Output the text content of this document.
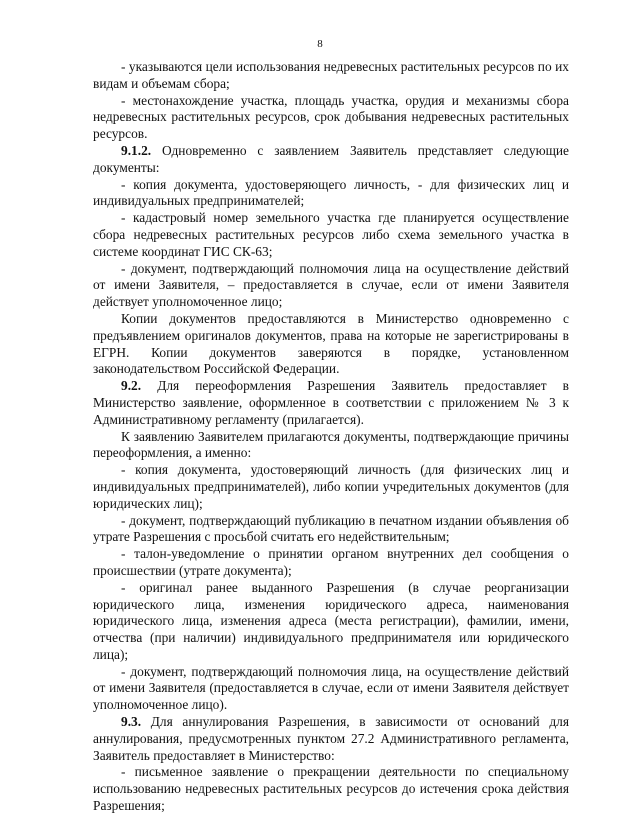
8

- указываются цели использования недревесных растительных ресурсов по их видам и объемам сбора;

- местонахождение участка, площадь участка, орудия и механизмы сбора недревесных растительных ресурсов, срок добывания недревесных растительных ресурсов.

9.1.2. Одновременно с заявлением Заявитель представляет следующие документы:

- копия документа, удостоверяющего личность, - для физических лиц и индивидуальных предпринимателей;

- кадастровый номер земельного участка где планируется осуществление сбора недревесных растительных ресурсов либо схема земельного участка в системе координат ГИС СК-63;

- документ, подтверждающий полномочия лица на осуществление действий от имени Заявителя, – предоставляется в случае, если от имени Заявителя действует уполномоченное лицо;

Копии документов предоставляются в Министерство одновременно с предъявлением оригиналов документов, права на которые не зарегистрированы в ЕГРН. Копии документов заверяются в порядке, установленном законодательством Российской Федерации.

9.2. Для переоформления Разрешения Заявитель предоставляет в Министерство заявление, оформленное в соответствии с приложением № 3 к Административному регламенту (прилагается).

К заявлению Заявителем прилагаются документы, подтверждающие причины переоформления, а именно:

- копия документа, удостоверяющий личность (для физических лиц и индивидуальных предпринимателей), либо копии учредительных документов (для юридических лиц);

- документ, подтверждающий публикацию в печатном издании объявления об утрате Разрешения с просьбой считать его недействительным;

- талон-уведомление о принятии органом внутренних дел сообщения о происшествии (утрате документа);

- оригинал ранее выданного Разрешения (в случае реорганизации юридического лица, изменения юридического адреса, наименования юридического лица, изменения адреса (места регистрации), фамилии, имени, отчества (при наличии) индивидуального предпринимателя или юридического лица);

- документ, подтверждающий полномочия лица, на осуществление действий от имени Заявителя (предоставляется в случае, если от имени Заявителя действует уполномоченное лицо).

9.3. Для аннулирования Разрешения, в зависимости от оснований для аннулирования, предусмотренных пунктом 27.2 Административного регламента, Заявитель предоставляет в Министерство:

- письменное заявление о прекращении деятельности по специальному использованию недревесных растительных ресурсов до истечения срока действия Разрешения;
